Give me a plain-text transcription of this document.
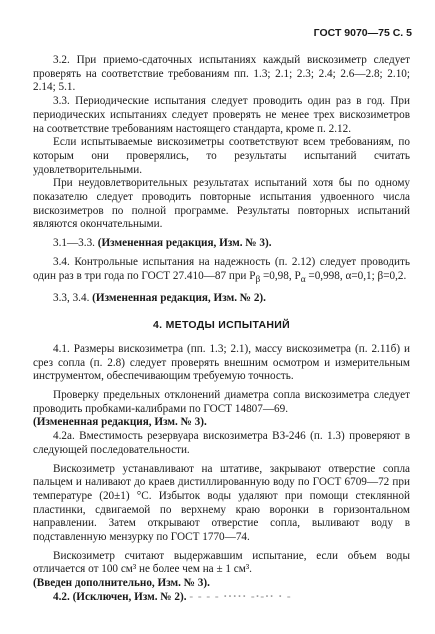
ГОСТ 9070—75 С. 5

3.2. При приемо-сдаточных испытаниях каждый вискозиметр следует проверять на соответствие требованиям пп. 1.3; 2.1; 2.3; 2.4; 2.6—2.8; 2.10; 2.14; 5.1.

3.3. Периодические испытания следует проводить один раз в год. При периодических испытаниях следует проверять не менее трех вискозиметров на соответствие требованиям настоящего стандарта, кроме п. 2.12.

Если испытываемые вискозиметры соответствуют всем требованиям, по которым они проверялись, то результаты испытаний считать удовлетворительными.

При неудовлетворительных результатах испытаний хотя бы по одному показателю следует проводить повторные испытания удвоенного числа вискозиметров по полной программе. Результаты повторных испытаний являются окончательными.

3.1—3.3. (Измененная редакция, Изм. № 3).

3.4. Контрольные испытания на надежность (п. 2.12) следует проводить один раз в три года по ГОСТ 27.410—87 при $P_\beta =0,98$, $P_\alpha =0,998$, α=0,1; β=0,2.

3.3, 3.4. (Измененная редакция, Изм. № 2).

4. МЕТОДЫ ИСПЫТАНИЙ

4.1. Размеры вискозиметра (пп. 1.3; 2.1), массу вискозиметра (п. 2.11б) и срез сопла (п. 2.8) следует проверять внешним осмотром и измерительным инструментом, обеспечивающим требуемую точность.

Проверку предельных отклонений диаметра сопла вискозиметра следует проводить пробками-калибрами по ГОСТ 14807—69.

(Измененная редакция, Изм. № 3).

4.2а. Вместимость резервуара вискозиметра ВЗ-246 (п. 1.3) проверяют в следующей последовательности.

Вискозиметр устанавливают на штативе, закрывают отверстие сопла пальцем и наливают до краев дистиллированную воду по ГОСТ 6709—72 при температуре (20±1) °С. Избыток воды удаляют при помощи стеклянной пластинки, сдвигаемой по верхнему краю воронки в горизонтальном направлении. Затем открывают отверстие сопла, выливают воду в подставленную мензурку по ГОСТ 1770—74.

Вискозиметр считают выдержавшим испытание, если объем воды отличается от 100 см³ не более чем на ± 1 см³.

(Введен дополнительно, Изм. № 3).

4.2. (Исключен, Изм. № 2). - - - - ····· -·-·· · -
